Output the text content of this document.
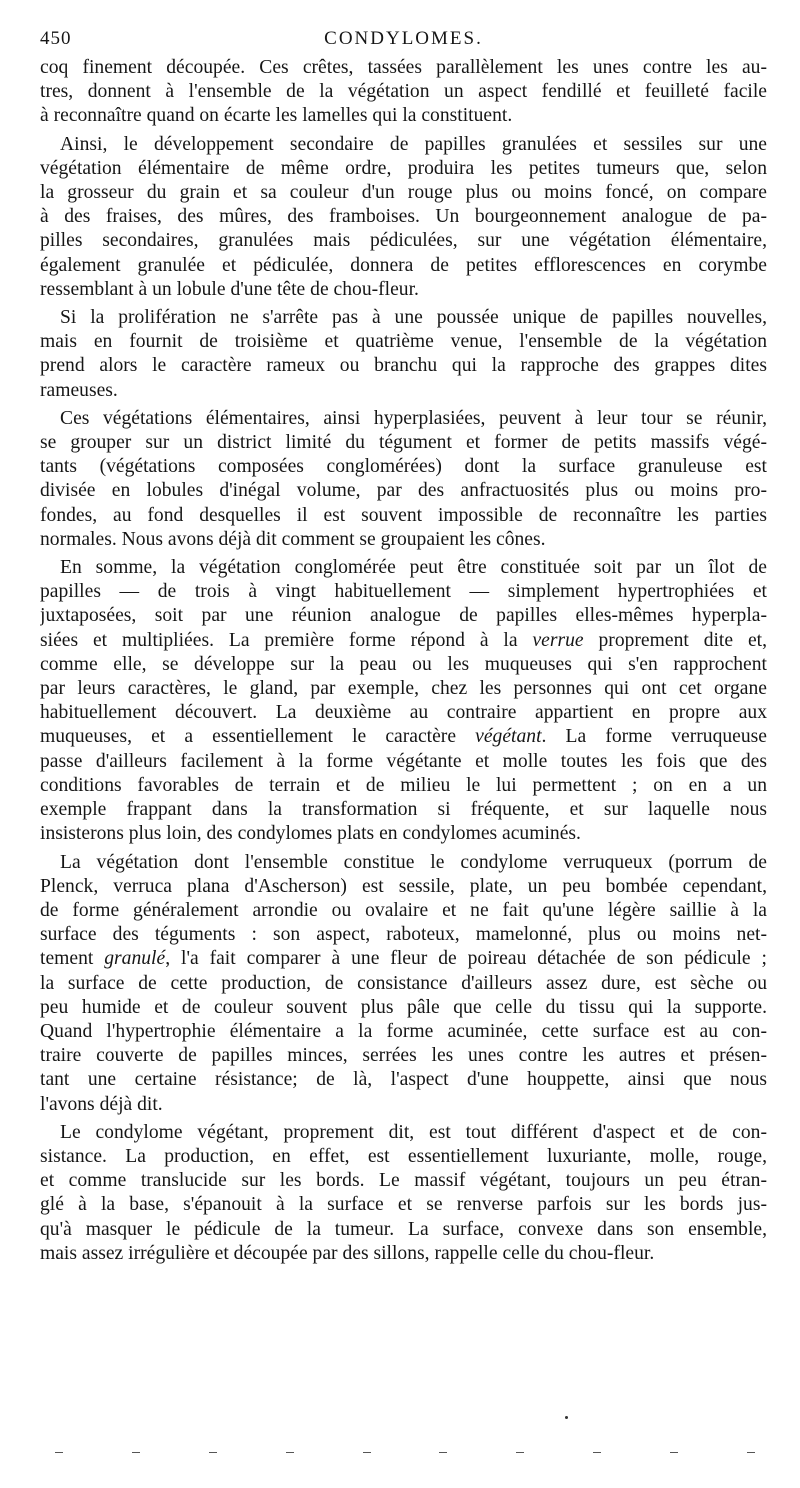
450	CONDYLOMES.
coq finement découpée. Ces crêtes, tassées parallèlement les unes contre les au-
tres, donnent à l'ensemble de la végétation un aspect fendillé et feuilleté facile
à reconnaître quand on écarte les lamelles qui la constituent.
Ainsi, le développement secondaire de papilles granulées et sessiles sur une
végétation élémentaire de même ordre, produira les petites tumeurs que, selon
la grosseur du grain et sa couleur d'un rouge plus ou moins foncé, on compare
à des fraises, des mûres, des framboises. Un bourgeonnement analogue de pa-
pilles secondaires, granulées mais pédiculées, sur une végétation élémentaire,
également granulée et pédiculée, donnera de petites efflorescences en corymbe
ressemblant à un lobule d'une tête de chou-fleur.
Si la prolifération ne s'arrête pas à une poussée unique de papilles nouvelles,
mais en fournit de troisième et quatrième venue, l'ensemble de la végétation
prend alors le caractère rameux ou branchu qui la rapproche des grappes dites
rameuses.
Ces végétations élémentaires, ainsi hyperplasiées, peuvent à leur tour se réunir,
se grouper sur un district limité du tégument et former de petits massifs végé-
tants (végétations composées conglomérées) dont la surface granuleuse est
divisée en lobules d'inégal volume, par des anfractuosités plus ou moins pro-
fondes, au fond desquelles il est souvent impossible de reconnaître les parties
normales. Nous avons déjà dit comment se groupaient les cônes.
En somme, la végétation conglomérée peut être constituée soit par un îlot de
papilles — de trois à vingt habituellement — simplement hypertrophiées et
juxtaposées, soit par une réunion analogue de papilles elles-mêmes hyperpla-
siées et multipliées. La première forme répond à la verrue proprement dite et,
comme elle, se développe sur la peau ou les muqueuses qui s'en rapprochent
par leurs caractères, le gland, par exemple, chez les personnes qui ont cet organe
habituellement découvert. La deuxième au contraire appartient en propre aux
muqueuses, et a essentiellement le caractère végétant. La forme verruqueuse
passe d'ailleurs facilement à la forme végétante et molle toutes les fois que des
conditions favorables de terrain et de milieu le lui permettent ; on en a un
exemple frappant dans la transformation si fréquente, et sur laquelle nous
insisterons plus loin, des condylomes plats en condylomes acuminés.
La végétation dont l'ensemble constitue le condylome verruqueux (porrum de
Plenck, verruca plana d'Ascherson) est sessile, plate, un peu bombée cependant,
de forme généralement arrondie ou ovalaire et ne fait qu'une légère saillie à la
surface des téguments : son aspect, raboteux, mamelonné, plus ou moins net-
tement granulé, l'a fait comparer à une fleur de poireau détachée de son pédicule ;
la surface de cette production, de consistance d'ailleurs assez dure, est sèche ou
peu humide et de couleur souvent plus pâle que celle du tissu qui la supporte.
Quand l'hypertrophie élémentaire a la forme acuminée, cette surface est au con-
traire couverte de papilles minces, serrées les unes contre les autres et présen-
tant une certaine résistance; de là, l'aspect d'une houppette, ainsi que nous
l'avons déjà dit.
Le condylome végétant, proprement dit, est tout différent d'aspect et de con-
sistance. La production, en effet, est essentiellement luxuriante, molle, rouge,
et comme translucide sur les bords. Le massif végétant, toujours un peu étran-
glé à la base, s'épanouit à la surface et se renverse parfois sur les bords jus-
qu'à masquer le pédicule de la tumeur. La surface, convexe dans son ensemble,
mais assez irrégulière et découpée par des sillons, rappelle celle du chou-fleur.
